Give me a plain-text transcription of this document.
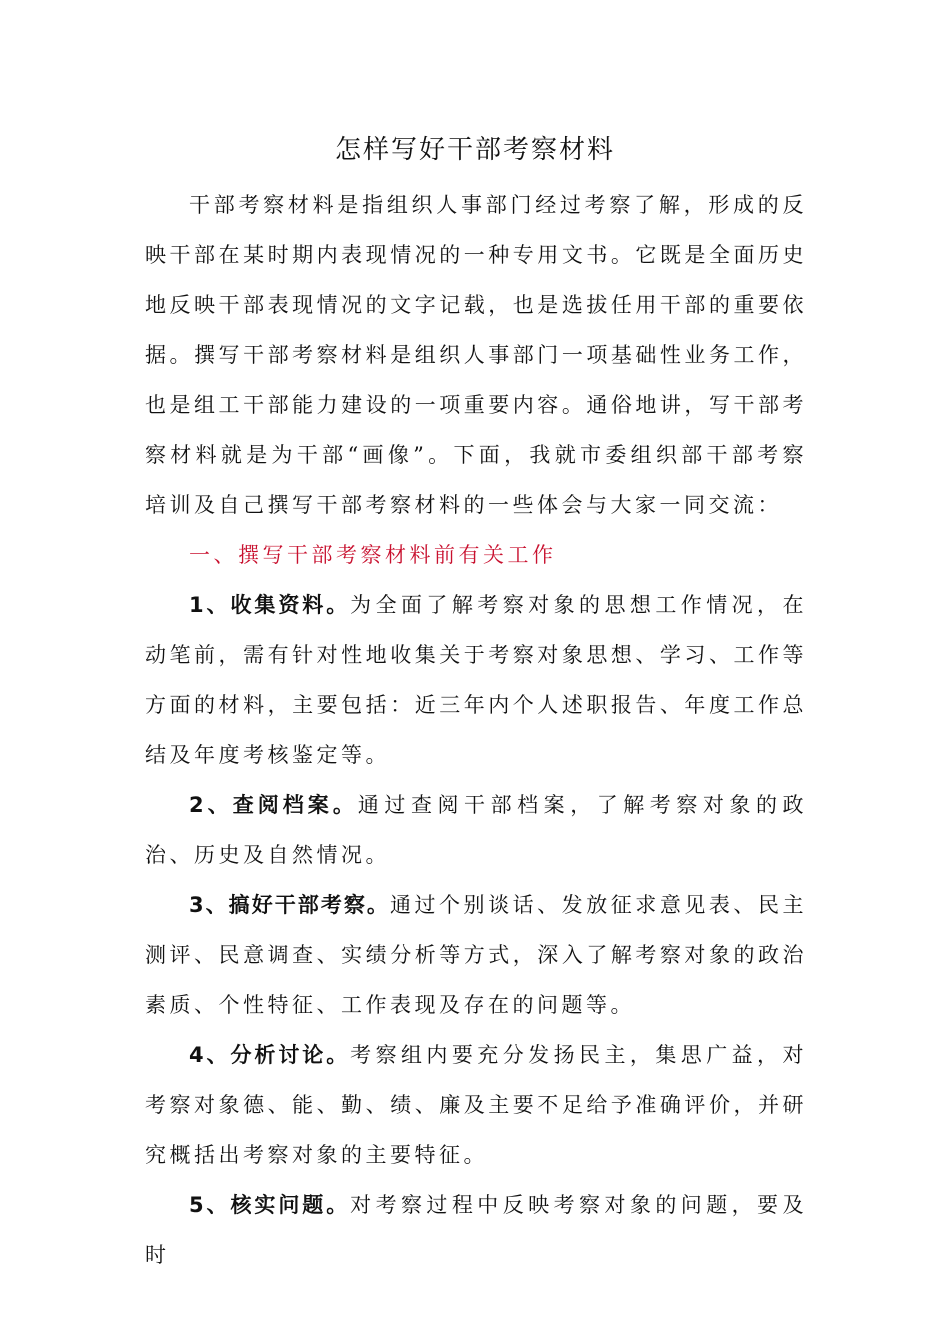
怎样写好干部考察材料

干部考察材料是指组织人事部门经过考察了解，形成的反映干部在某时期内表现情况的一种专用文书。它既是全面历史地反映干部表现情况的文字记载，也是选拔任用干部的重要依据。撰写干部考察材料是组织人事部门一项基础性业务工作，也是组工干部能力建设的一项重要内容。通俗地讲，写干部考察材料就是为干部“画像”。下面，我就市委组织部干部考察培训及自己撰写干部考察材料的一些体会与大家一同交流：

一、撰写干部考察材料前有关工作

1、收集资料。为全面了解考察对象的思想工作情况，在动笔前，需有针对性地收集关于考察对象思想、学习、工作等方面的材料，主要包括：近三年内个人述职报告、年度工作总结及年度考核鉴定等。

2、查阅档案。通过查阅干部档案，了解考察对象的政治、历史及自然情况。

3、搞好干部考察。通过个别谈话、发放征求意见表、民主测评、民意调查、实绩分析等方式，深入了解考察对象的政治素质、个性特征、工作表现及存在的问题等。

4、分析讨论。考察组内要充分发扬民主，集思广益，对考察对象德、能、勤、绩、廉及主要不足给予准确评价，并研究概括出考察对象的主要特征。

5、核实问题。对考察过程中反映考察对象的问题，要及时
